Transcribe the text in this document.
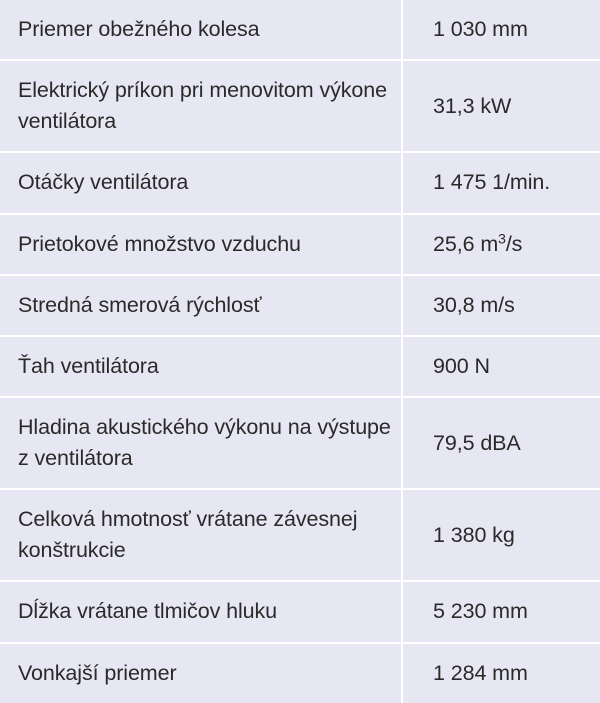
Priemer obežného kolesa	1 030 mm
Elektrický príkon pri menovitom výkone ventilátora	31,3 kW
Otáčky ventilátora	1 475 1/min.
Prietokové množstvo vzduchu	25,6 $m^3/s$
Stredná smerová rýchlosť	30,8 m/s
Ťah ventilátora	900 N
Hladina akustického výkonu na výstupe z ventilátora	79,5 dBA
Celková hmotnosť vrátane závesnej konštrukcie	1 380 kg
Dĺžka vrátane tlmičov hluku	5 230 mm
Vonkajší priemer	1 284 mm
